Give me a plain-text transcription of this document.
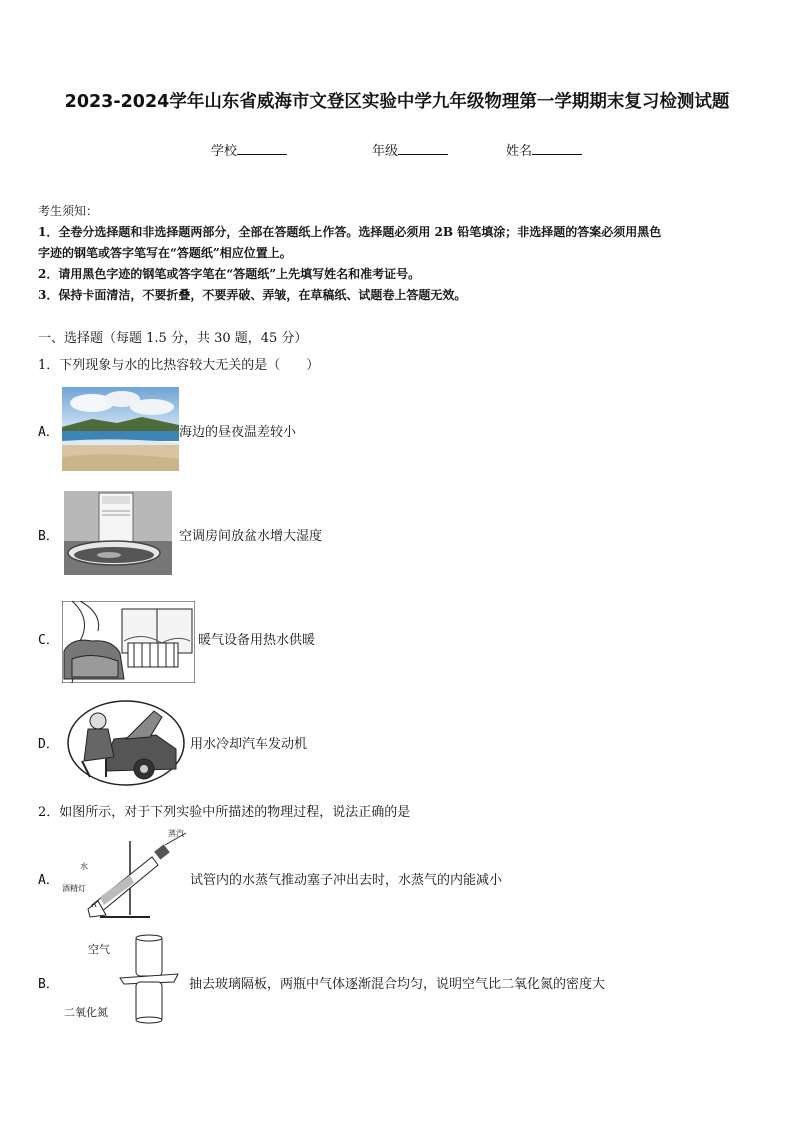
2023-2024学年山东省威海市文登区实验中学九年级物理第一学期期末复习检测试题
学校	年级	姓名
考生须知：
1．全卷分选择题和非选择题两部分，全部在答题纸上作答。选择题必须用 2B 铅笔填涂；非选择题的答案必须用黑色
字迹的钢笔或答字笔写在“答题纸”相应位置上。
2．请用黑色字迹的钢笔或答字笔在“答题纸”上先填写姓名和准考证号。
3．保持卡面清洁，不要折叠，不要弄破、弄皱，在草稿纸、试题卷上答题无效。
一、选择题（每题 1.5 分，共 30 题，45 分）
1．下列现象与水的比热容较大无关的是（　　）
A．	海边的昼夜温差较小
B．	空调房间放盆水增大湿度
C．	暖气设备用热水供暖
D．	用水冷却汽车发动机
2．如图所示，对于下列实验中所描述的物理过程，说法正确的是
A．
蒸汽
水
酒精灯
试管内的水蒸气推动塞子冲出去时，水蒸气的内能减小
B．
空气
二氧化氮
抽去玻璃隔板，两瓶中气体逐渐混合均匀，说明空气比二氧化氮的密度大
